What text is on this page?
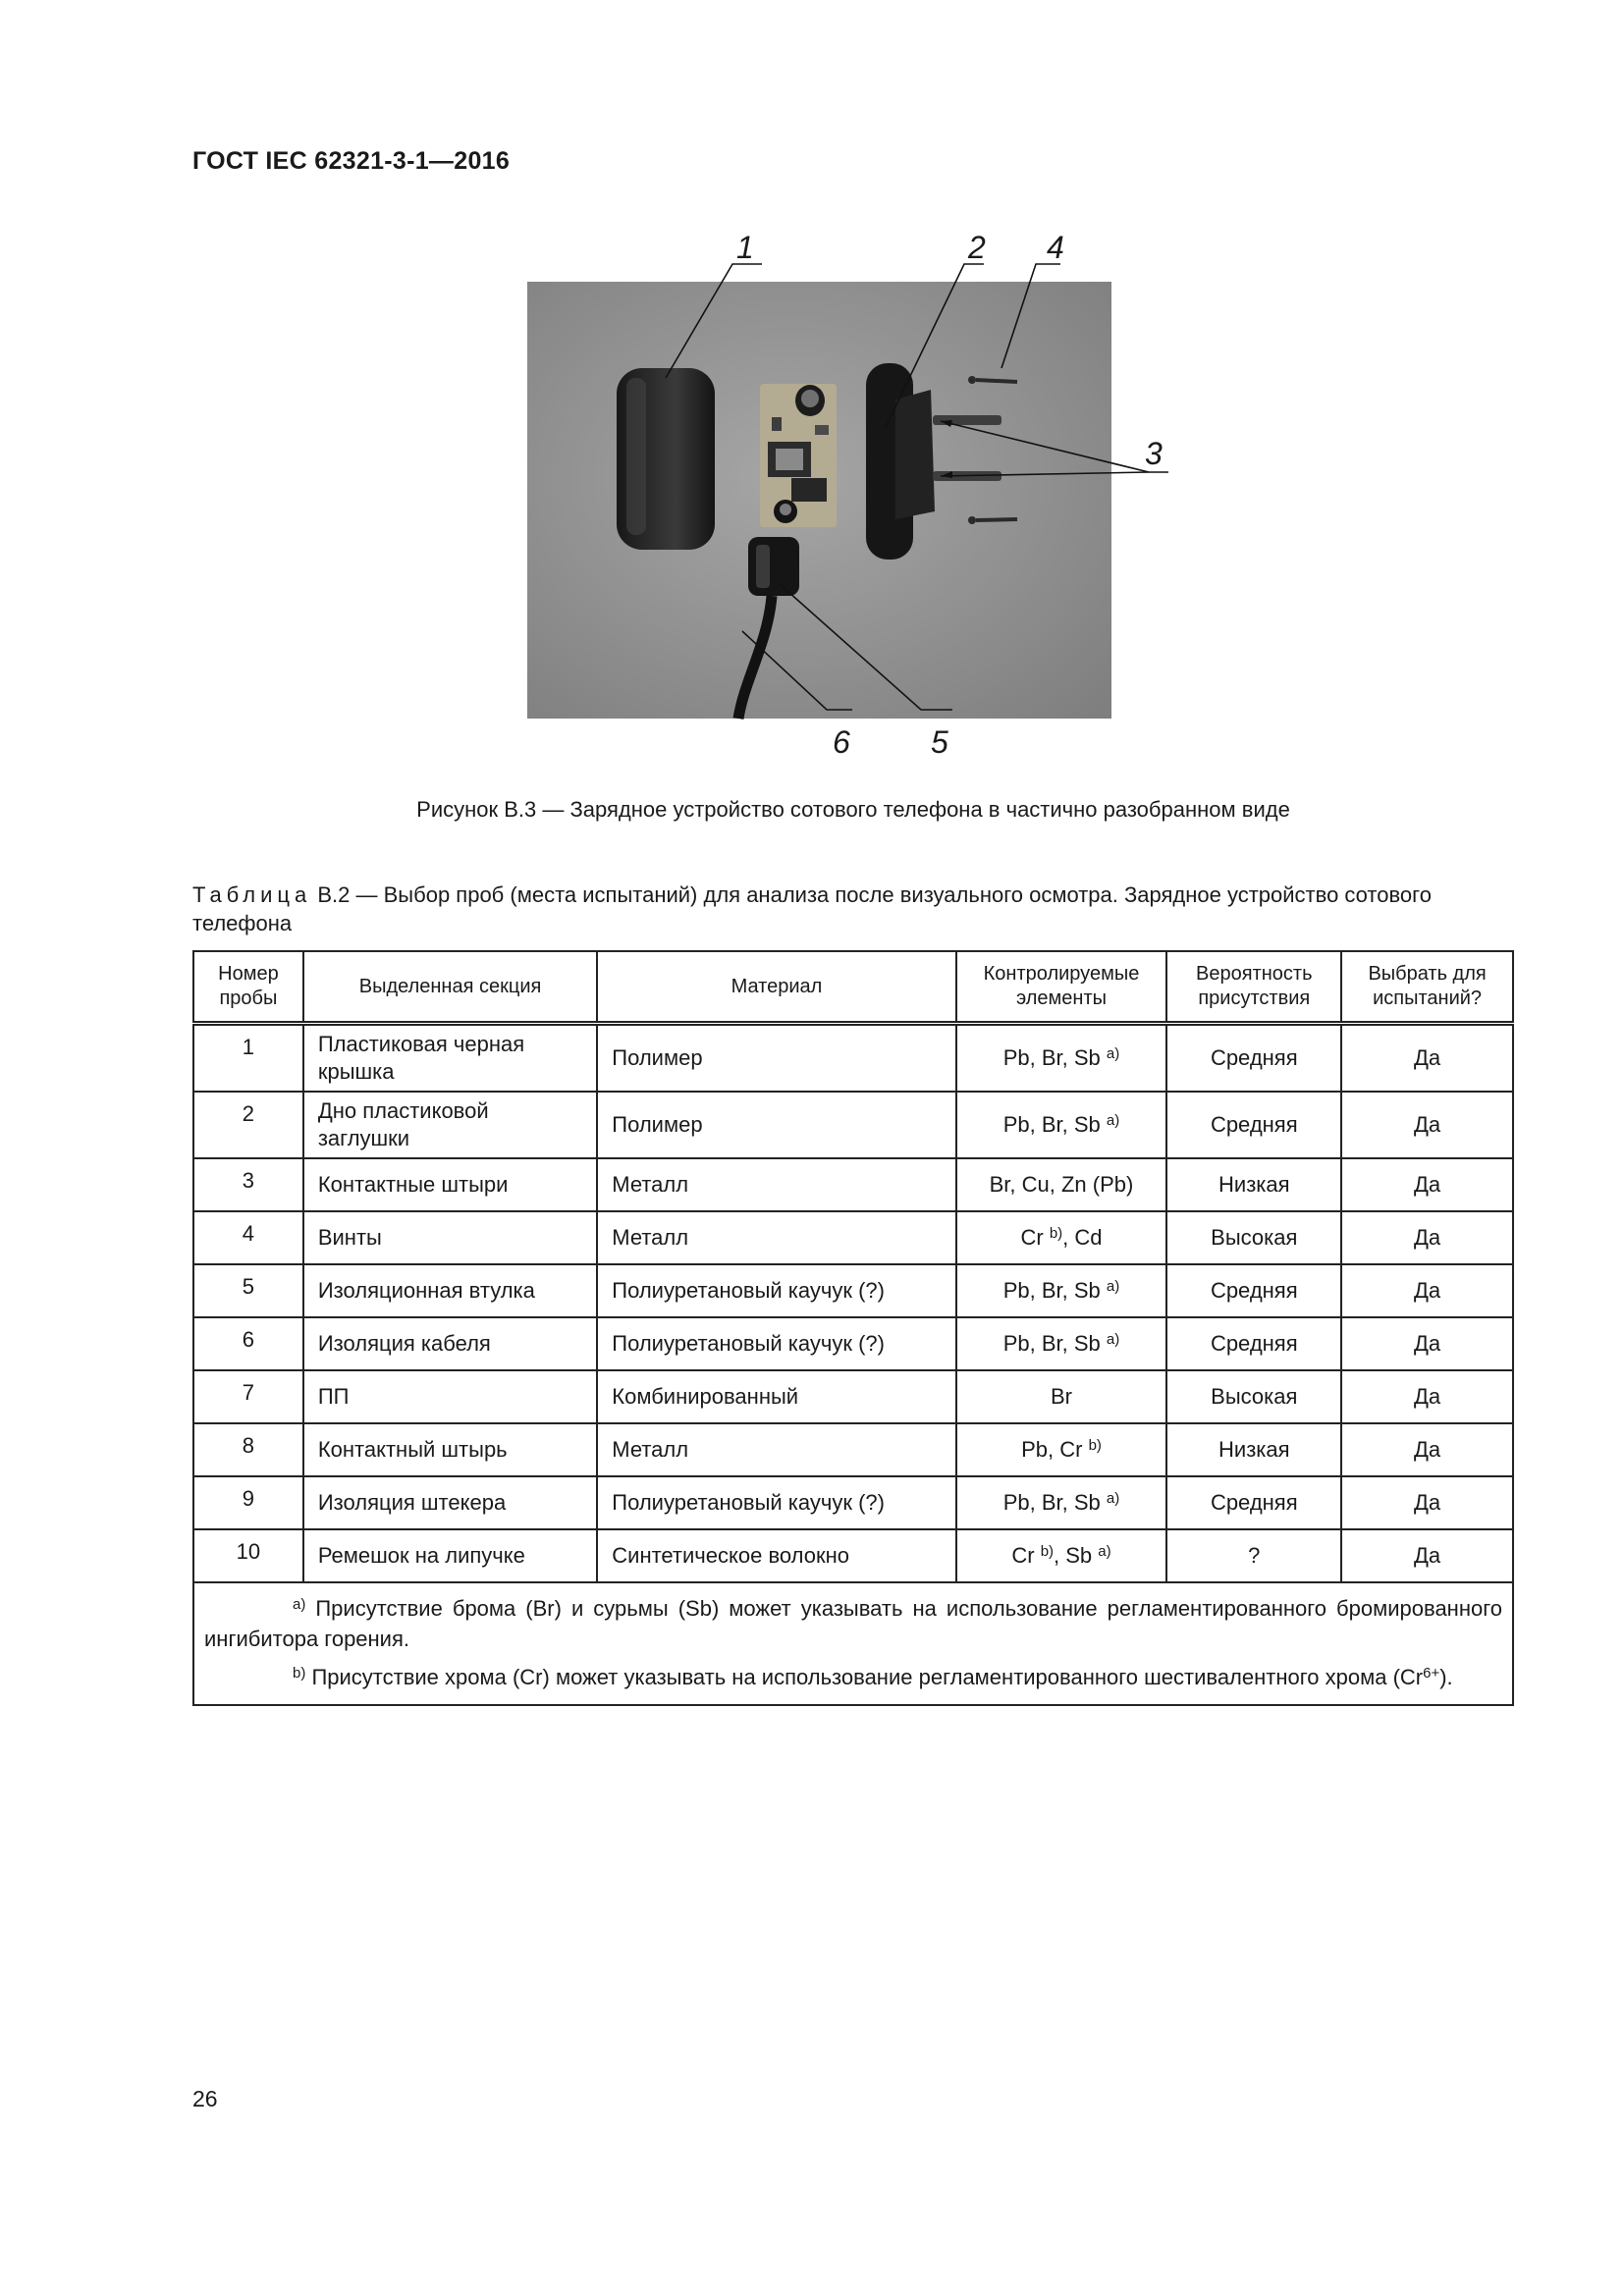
ГОСТ IEC 62321-3-1—2016
1	2 4
3
6	5
Рисунок В.3 — Зарядное устройство сотового телефона в частично разобранном виде
Таблица В.2 — Выбор проб (места испытаний) для анализа после визуального осмотра. Зарядное устройство сотового телефона
Номер пробы	Выделенная секция	Материал	Контролируемые элементы	Вероятность присутствия	Выбрать для испытаний?
1	Пластиковая черная крышка	Полимер	Pb, Br, Sb $^{a)}$	Средняя	Да
2	Дно пластиковой заглушки	Полимер	Pb, Br, Sb $^{a)}$	Средняя	Да
3	Контактные штыри	Металл	Br, Cu, Zn (Pb)	Низкая	Да
4	Винты	Металл	Cr $^{b)}$, Cd	Высокая	Да
5	Изоляционная втулка	Полиуретановый каучук (?)	Pb, Br, Sb $^{a)}$	Средняя	Да
6	Изоляция кабеля	Полиуретановый каучук (?)	Pb, Br, Sb $^{a)}$	Средняя	Да
7	ПП	Комбинированный	Br	Высокая	Да
8	Контактный штырь	Металл	Pb, Cr $^{b)}$	Низкая	Да
9	Изоляция штекера	Полиуретановый каучук (?)	Pb, Br, Sb $^{a)}$	Средняя	Да
10	Ремешок на липучке	Синтетическое волокно	Cr $^{b)}$, Sb $^{a)}$	?	Да

$^{a)}$ Присутствие брома (Br) и сурьмы (Sb) может указывать на использование регламентированного бромированного ингибитора горения.
$^{b)}$ Присутствие хрома (Cr) может указывать на использование регламентированного шестивалентного хрома $(Cr^{6+})$.					
26
